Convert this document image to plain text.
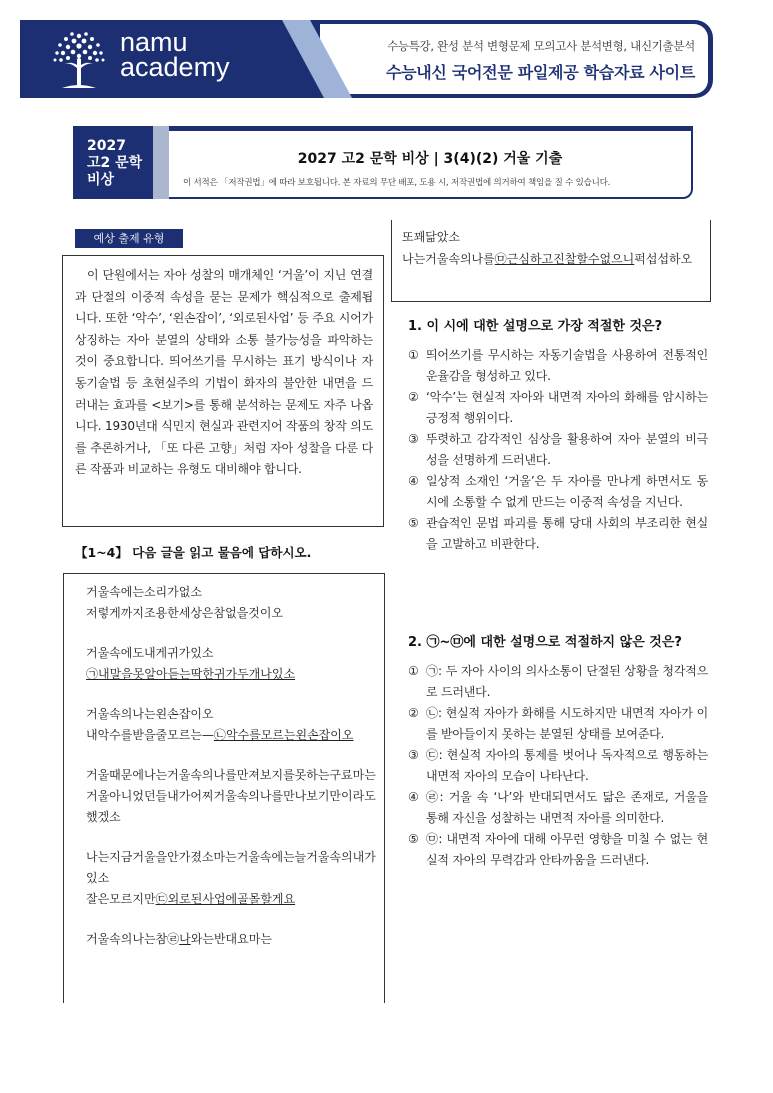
namu
academy
수능특강, 완성 분석 변형문제 모의고사 분석변형, 내신기출분석
수능내신 국어전문 파일제공 학습자료 사이트
2027
고2 문학
비상
2027 고2 문학 비상 | 3(4)(2) 거울 기출
이 서적은 「저작권법」에 따라 보호됩니다. 본 자료의 무단 배포, 도용 시, 저작권법에 의거하여 책임을 질 수 있습니다.
예상 출제 유형
이 단원에서는 자아 성찰의 매개체인 ‘거울’이 지닌 연결과 단절의 이중적 속성을 묻는 문제가 핵심적으로 출제됩니다. 또한 ‘악수’, ‘왼손잡이’, ‘외로된사업’ 등 주요 시어가 상징하는 자아 분열의 상태와 소통 불가능성을 파악하는 것이 중요합니다. 띄어쓰기를 무시하는 표기 방식이나 자동기술법 등 초현실주의 기법이 화자의 불안한 내면을 드러내는 효과를 <보기>를 통해 분석하는 문제도 자주 나옵니다. 1930년대 식민지 현실과 관련지어 작품의 창작 의도를 추론하거나, 「또 다른 고향」처럼 자아 성찰을 다룬 다른 작품과 비교하는 유형도 대비해야 합니다.
【1~4】 다음 글을 읽고 물음에 답하시오.
거울속에는소리가없소
저렇게까지조용한세상은참없을것이오
거울속에도내게귀가있소
㉠내말을못알아듣는딱한귀가두개나있소
거울속의나는왼손잡이오
내악수를받을줄모르는—㉡악수를모르는왼손잡이오
거울때문에나는거울속의나를만져보지를못하는구료마는
거울아니었던들내가어찌거울속의나를만나보기만이라도했겠소
나는지금거울을안가졌소마는거울속에는늘거울속의내가있소
잘은모르지만㉢외로된사업에골몰할게요
거울속의나는참㉣나와는반대요마는
또꽤닮았소
나는거울속의나를㉤근심하고진찰할수없으니퍽섭섭하오
1. 이 시에 대한 설명으로 가장 적절한 것은?
① 띄어쓰기를 무시하는 자동기술법을 사용하여 전통적인 운율감을 형성하고 있다.
② ‘악수’는 현실적 자아와 내면적 자아의 화해를 암시하는 긍정적 행위이다.
③ 뚜렷하고 감각적인 심상을 활용하여 자아 분열의 비극성을 선명하게 드러낸다.
④ 일상적 소재인 ‘거울’은 두 자아를 만나게 하면서도 동시에 소통할 수 없게 만드는 이중적 속성을 지닌다.
⑤ 관습적인 문법 파괴를 통해 당대 사회의 부조리한 현실을 고발하고 비판한다.
2. ㉠~㉤에 대한 설명으로 적절하지 않은 것은?
① ㉠: 두 자아 사이의 의사소통이 단절된 상황을 청각적으로 드러낸다.
② ㉡: 현실적 자아가 화해를 시도하지만 내면적 자아가 이를 받아들이지 못하는 분열된 상태를 보여준다.
③ ㉢: 현실적 자아의 통제를 벗어나 독자적으로 행동하는 내면적 자아의 모습이 나타난다.
④ ㉣: 거울 속 ‘나’와 반대되면서도 닮은 존재로, 거울을 통해 자신을 성찰하는 내면적 자아를 의미한다.
⑤ ㉤: 내면적 자아에 대해 아무런 영향을 미칠 수 없는 현실적 자아의 무력감과 안타까움을 드러낸다.
